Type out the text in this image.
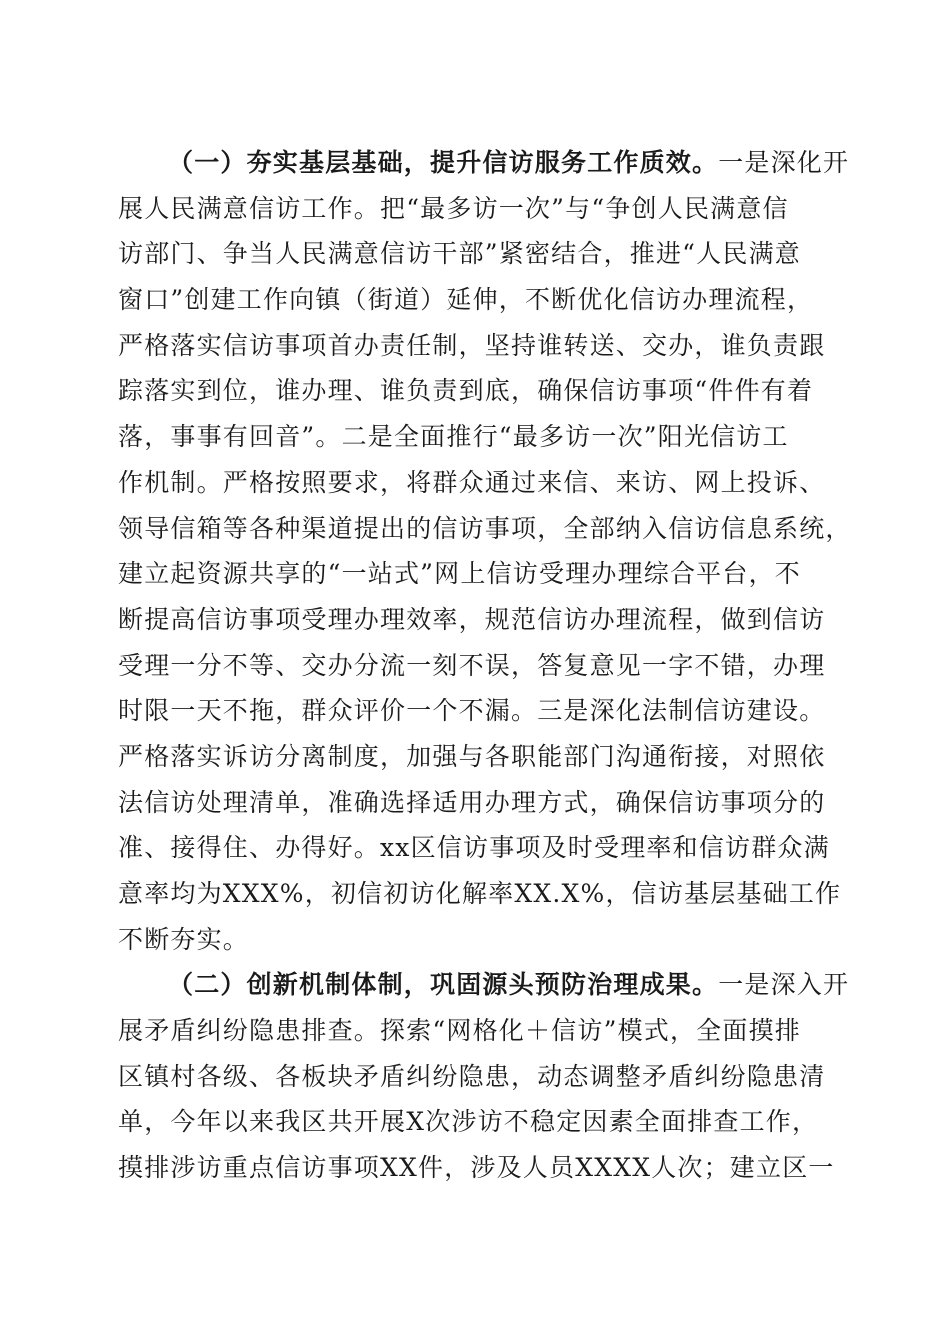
（一）夯实基层基础，提升信访服务工作质效。一是深化开
展人民满意信访工作。把“最多访一次”与“争创人民满意信
访部门、争当人民满意信访干部”紧密结合，推进“人民满意
窗口”创建工作向镇（街道）延伸，不断优化信访办理流程，
严格落实信访事项首办责任制，坚持谁转送、交办，谁负责跟
踪落实到位，谁办理、谁负责到底，确保信访事项“件件有着
落，事事有回音”。二是全面推行“最多访一次”阳光信访工
作机制。严格按照要求，将群众通过来信、来访、网上投诉、
领导信箱等各种渠道提出的信访事项，全部纳入信访信息系统，
建立起资源共享的“一站式”网上信访受理办理综合平台，不
断提高信访事项受理办理效率，规范信访办理流程，做到信访
受理一分不等、交办分流一刻不误，答复意见一字不错，办理
时限一天不拖，群众评价一个不漏。三是深化法制信访建设。
严格落实诉访分离制度，加强与各职能部门沟通衔接，对照依
法信访处理清单，准确选择适用办理方式，确保信访事项分的
准、接得住、办得好。xx区信访事项及时受理率和信访群众满
意率均为XXX%，初信初访化解率XX.X%，信访基层基础工作
不断夯实。
（二）创新机制体制，巩固源头预防治理成果。一是深入开
展矛盾纠纷隐患排查。探索“网格化＋信访”模式，全面摸排
区镇村各级、各板块矛盾纠纷隐患，动态调整矛盾纠纷隐患清
单，今年以来我区共开展X次涉访不稳定因素全面排查工作，
摸排涉访重点信访事项XX件，涉及人员XXXX人次；建立区一
